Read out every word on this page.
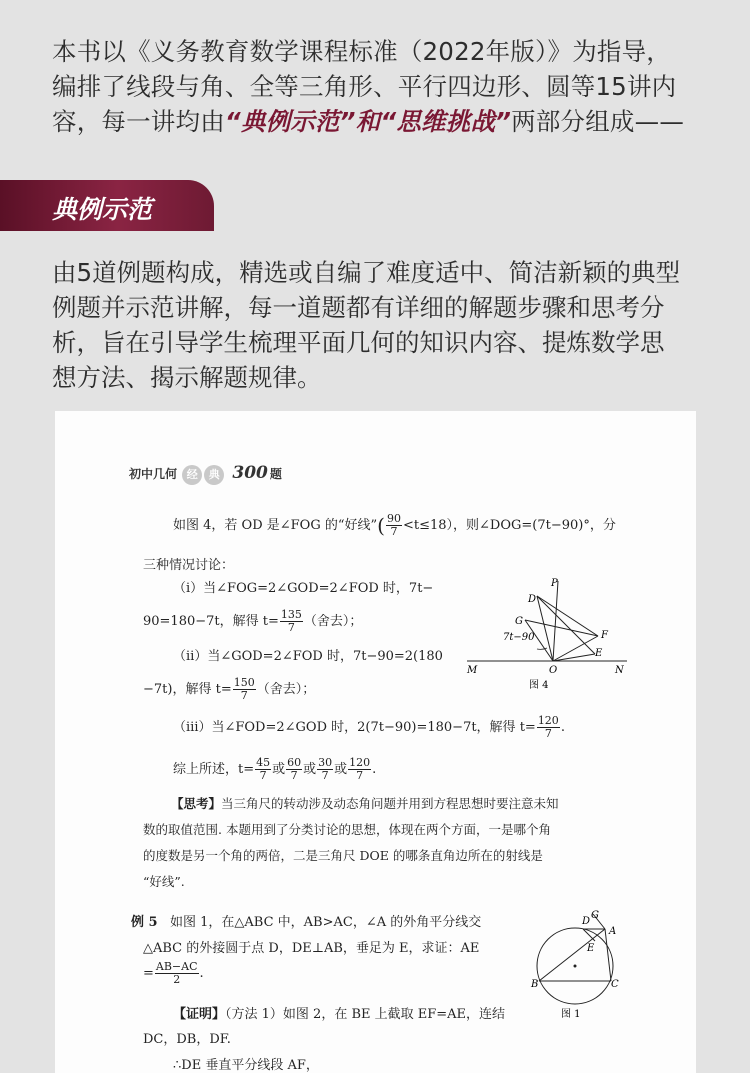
本书以《义务教育数学课程标准（2022年版）》为指导，
编排了线段与角、全等三角形、平行四边形、圆等15讲内
容，每一讲均由“典例示范”和“思维挑战”两部分组成——
典例示范
由5道例题构成，精选或自编了难度适中、简洁新颖的典型
例题并示范讲解，每一道题都有详细的解题步骤和思考分
析，旨在引导学生梳理平面几何的知识内容、提炼数学思
想方法、揭示解题规律。
初中几何 经 典 300 题
如图 4，若 OD 是∠FOG 的“好线”( $\frac{90}{7} <t\le 18$），则∠DOG=(7t−90)°，分
三种情况讨论：
（ⅰ）当∠FOG=2∠GOD=2∠FOD 时，7t−
90=180−7t，解得 $t= \frac{135}{7}$ （舍去）；
（ⅱ）当∠GOD=2∠FOD 时，7t−90=2(180
−7t)，解得 $t= \frac{150}{7}$ （舍去）；
（ⅲ）当∠FOD=2∠GOD 时，2(7t−90)=180−7t，解得 $t= \frac{120}{7}$ .
综上所述，$t= \frac{45}{7}$ 或 $\frac{60}{7}$ 或 $\frac{30}{7}$ 或 $\frac{120}{7}$ .
【思考】当三角尺的转动涉及动态角问题并用到方程思想时要注意未知
数的取值范围. 本题用到了分类讨论的思想，体现在两个方面，一是哪个角
的度数是另一个角的两倍，二是三角尺 DOE 的哪条直角边所在的射线是
“好线”.
例 5 如图 1，在△ABC 中，AB>AC，∠A 的外角平分线交
△ABC 的外接圆于点 D，DE⊥AB，垂足为 E，求证：AE
= $\frac{AB-AC}{2}$ .
【证明】（方法 1）如图 2，在 BE 上截取 EF=AE，连结
DC，DB，DF.
∴DE 垂直平分线段 AF，
P
D
G
F
E
M	O	N
7t−90
图 4
D
G
A
E
B	C
图 1
